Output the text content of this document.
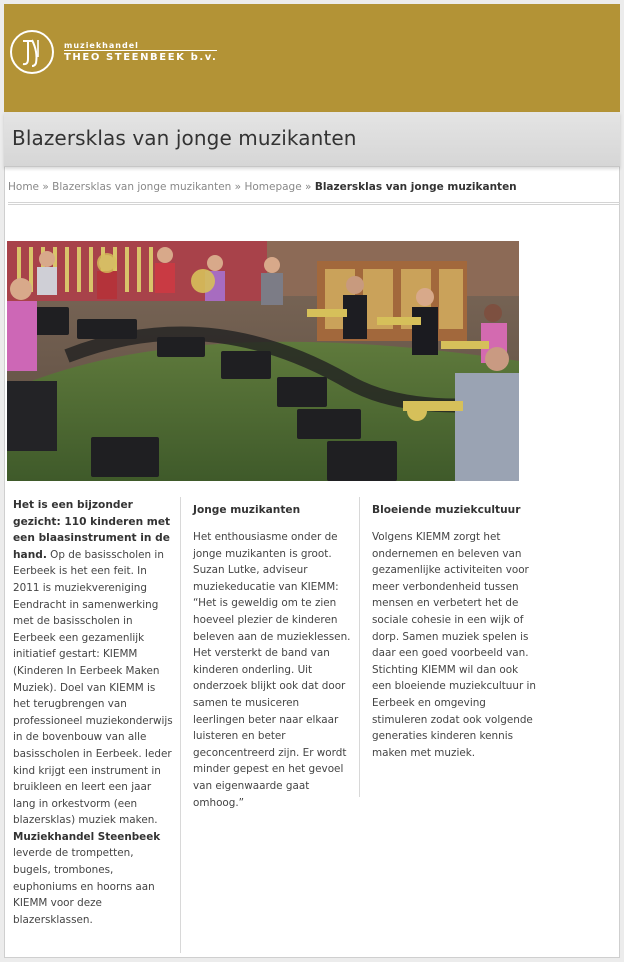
muziekhandel
THEO STEENBEEK b.v.
Blazersklas van jonge muzikanten
Home » Blazersklas van jonge muzikanten » Homepage » Blazersklas van jonge muzikanten

Het is een bijzonder gezicht: 110 kinderen met een blaasinstrument in de hand. Op de basisscholen in Eerbeek is het een feit. In 2011 is muziekvereniging Eendracht in samenwerking met de basisscholen in Eerbeek een gezamenlijk initiatief gestart: KIEMM (Kinderen In Eerbeek Maken Muziek). Doel van KIEMM is het terugbrengen van professioneel muziekonderwijs in de bovenbouw van alle basisscholen in Eerbeek. Ieder kind krijgt een instrument in bruikleen en leert een jaar lang in orkestvorm (een blazersklas) muziek maken. Muziekhandel Steenbeek leverde de trompetten, bugels, trombones, euphoniums en hoorns aan KIEMM voor deze blazersklassen.

Jonge muzikanten

Het enthousiasme onder de jonge muzikanten is groot. Suzan Lutke, adviseur muziekeducatie van KIEMM: “Het is geweldig om te zien hoeveel plezier de kinderen beleven aan de muzieklessen. Het versterkt de band van kinderen onderling. Uit onderzoek blijkt ook dat door samen te musiceren leerlingen beter naar elkaar luisteren en beter geconcentreerd zijn. Er wordt minder gepest en het gevoel van eigenwaarde gaat omhoog.”

Bloeiende muziekcultuur

Volgens KIEMM zorgt het ondernemen en beleven van gezamenlijke activiteiten voor meer verbondenheid tussen mensen en verbetert het de sociale cohesie in een wijk of dorp. Samen muziek spelen is daar een goed voorbeeld van. Stichting KIEMM wil dan ook een bloeiende muziekcultuur in Eerbeek en omgeving stimuleren zodat ook volgende generaties kinderen kennis maken met muziek.
